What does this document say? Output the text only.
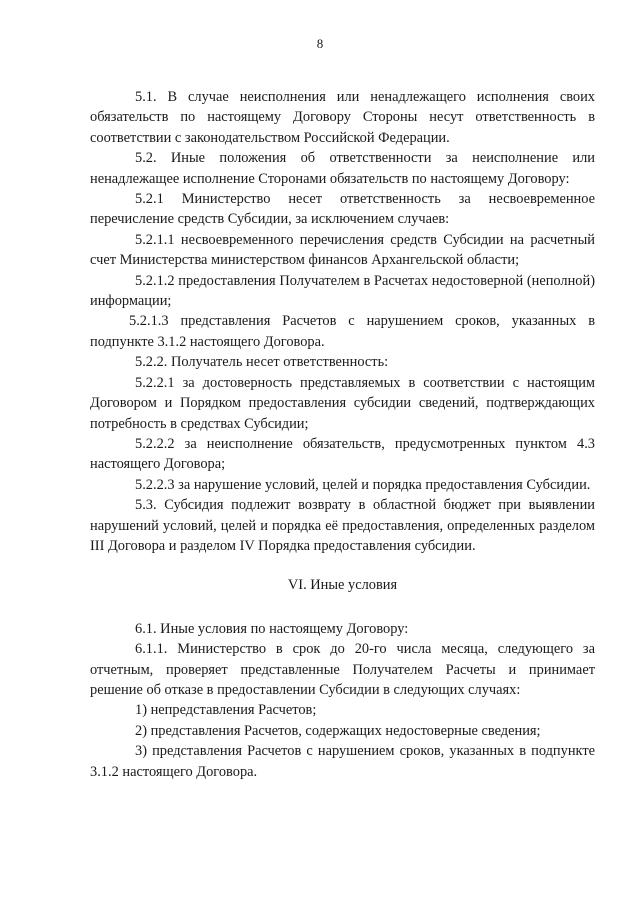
8

5.1. В случае неисполнения или ненадлежащего исполнения своих обязательств по настоящему Договору Стороны несут ответственность в соответствии с законодательством Российской Федерации.

5.2. Иные положения об ответственности за неисполнение или ненадлежащее исполнение Сторонами обязательств по настоящему Договору:

5.2.1 Министерство несет ответственность за несвоевременное перечисление средств Субсидии, за исключением случаев:

5.2.1.1 несвоевременного перечисления средств Субсидии на расчетный счет Министерства министерством финансов Архангельской области;

5.2.1.2 предоставления Получателем в Расчетах недостоверной (неполной) информации;

5.2.1.3 представления Расчетов с нарушением сроков, указанных в подпункте 3.1.2 настоящего Договора.

5.2.2. Получатель несет ответственность:

5.2.2.1 за достоверность представляемых в соответствии с настоящим Договором и Порядком предоставления субсидии сведений, подтверждающих потребность в средствах Субсидии;

5.2.2.2 за неисполнение обязательств, предусмотренных пунктом 4.3 настоящего Договора;

5.2.2.3 за нарушение условий, целей и порядка предоставления Субсидии.

5.3. Субсидия подлежит возврату в областной бюджет при выявлении нарушений условий, целей и порядка её предоставления, определенных разделом III Договора и разделом IV Порядка предоставления субсидии.

VI. Иные условия

6.1. Иные условия по настоящему Договору:

6.1.1. Министерство в срок до 20-го числа месяца, следующего за отчетным, проверяет представленные Получателем Расчеты и принимает решение об отказе в предоставлении Субсидии в следующих случаях:

1) непредставления Расчетов;

2) представления Расчетов, содержащих недостоверные сведения;

3) представления Расчетов с нарушением сроков, указанных в подпункте 3.1.2 настоящего Договора.
